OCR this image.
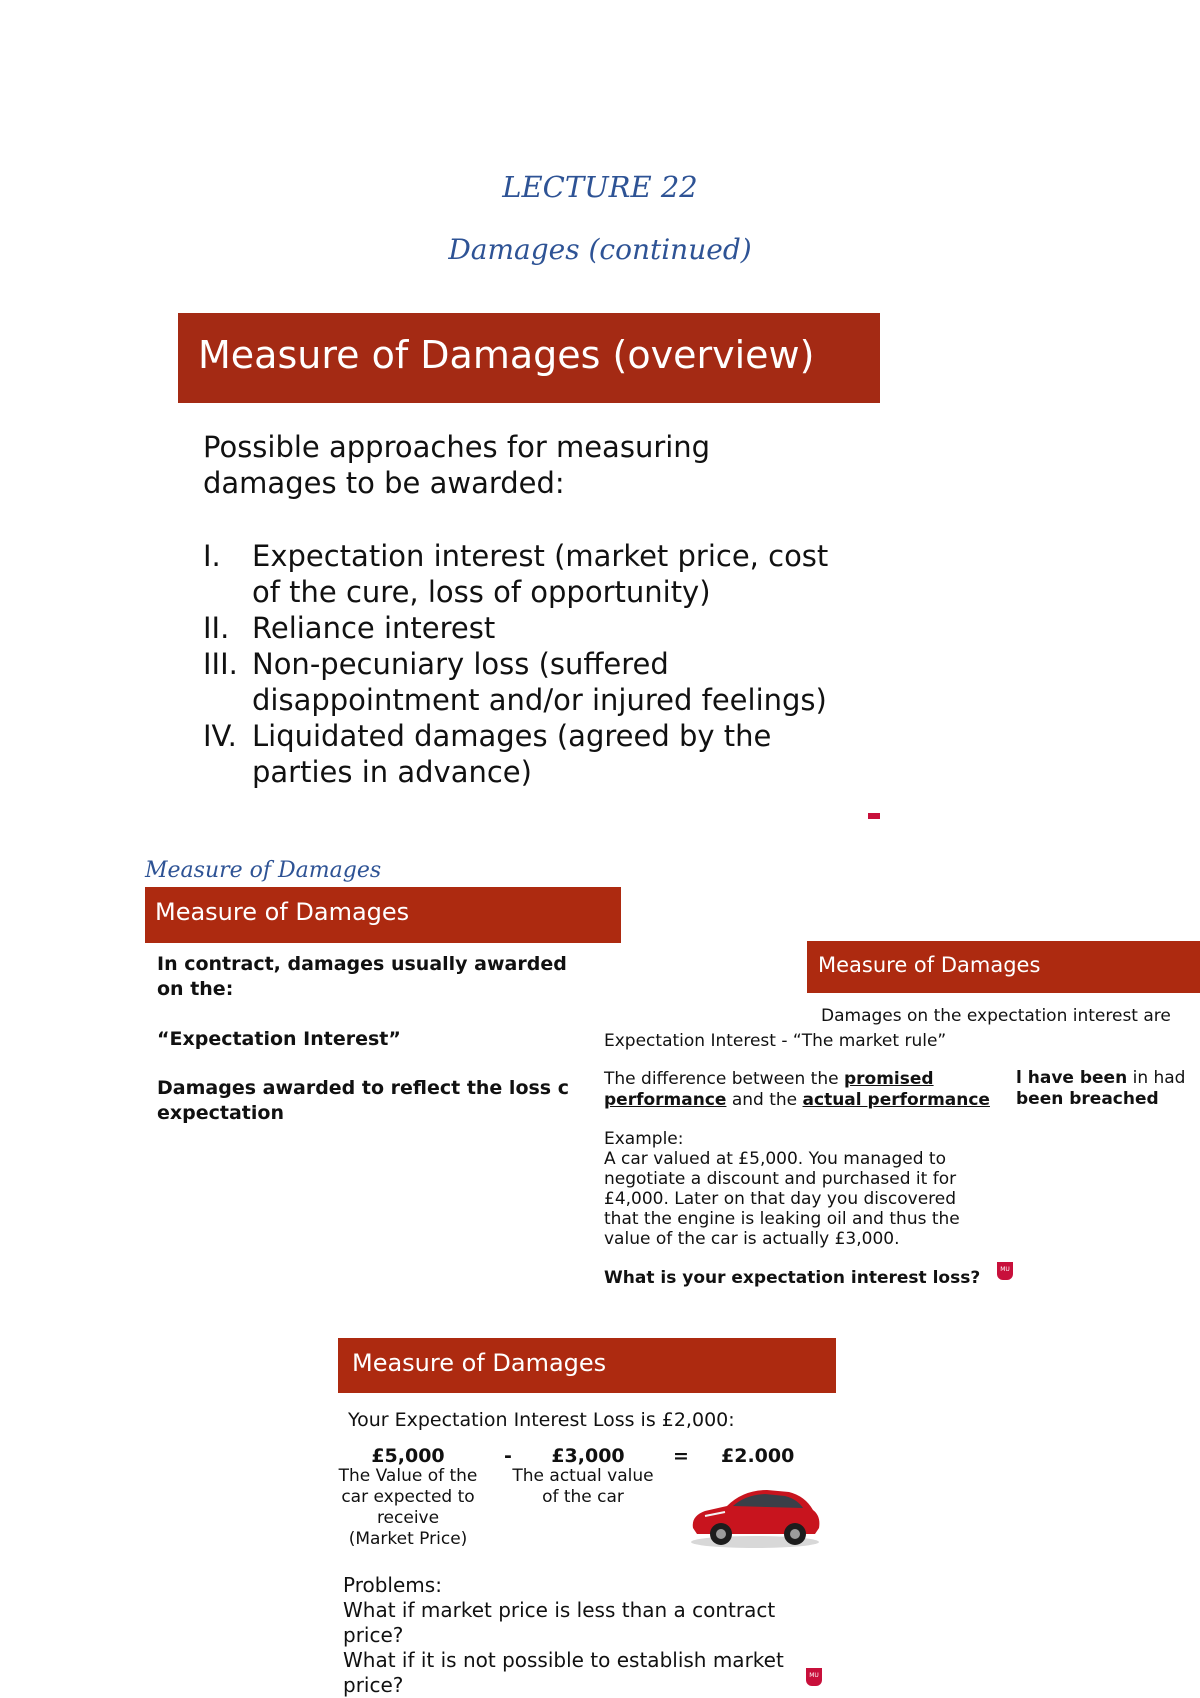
LECTURE 22
Damages (continued)
Measure of Damages (overview)
Possible approaches for measuring
damages to be awarded:
I. Expectation interest (market price, cost
of the cure, loss of opportunity)
II. Reliance interest
III. Non-pecuniary loss (suffered
disappointment and/or injured feelings)
IV. Liquidated damages (agreed by the
parties in advance)
Measure of Damages
Measure of Damages
In contract, damages usually awarded
on the:
“Expectation Interest”
Damages awarded to reflect the loss c
expectation
Measure of Damages
Damages on the expectation interest are
l have been in had
been breached
Expectation Interest - “The market rule”
The difference between the promised
performance and the actual performance
Example:
A car valued at £5,000. You managed to
negotiate a discount and purchased it for
£4,000. Later on that day you discovered
that the engine is leaking oil and thus the
value of the car is actually £3,000.
What is your expectation interest loss?	MU
Measure of Damages
Your Expectation Interest Loss is £2,000:
£5,000	-	£3,000	= £2.000
The Value of the
car expected to
receive
(Market Price)
The actual value
of the car
Problems:
What if market price is less than a contract
price?
What if it is not possible to establish market
price?	MU
